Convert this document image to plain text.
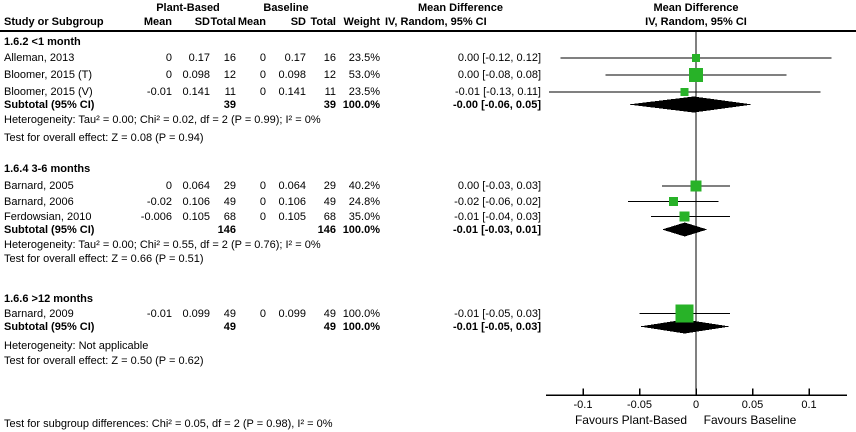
Plant-Based	Baseline	Mean Difference	Mean Difference
Study or Subgroup	Mean	SD Total Mean	SD Total Weight IV, Random, 95% CI	IV, Random, 95% CI
1.6.2 <1 month
Alleman, 2013	0	0.17	16	0	0.17	16	23.5%	0.00 [-0.12, 0.12]
Bloomer, 2015 (T)	0 0.098	12	0	0.098	12	53.0%	0.00 [-0.08, 0.08]
Bloomer, 2015 (V)	-0.01 0.141	11	0	0.141	11	23.5%	-0.01 [-0.13, 0.11]
Subtotal (95% CI)	39	39 100.0%	-0.00 [-0.06, 0.05]
Heterogeneity: Tau² = 0.00; Chi² = 0.02, df = 2 (P = 0.99); I² = 0%
Test for overall effect: Z = 0.08 (P = 0.94)
1.6.4 3-6 months
Barnard, 2005	0 0.064	29	0	0.064	29	40.2%	0.00 [-0.03, 0.03]
Barnard, 2006	-0.02 0.106	49	0	0.106	49	24.8%	-0.02 [-0.06, 0.02]
Ferdowsian, 2010	-0.006 0.105	68	0	0.105	68	35.0%	-0.01 [-0.04, 0.03]
Subtotal (95% CI)	146	146 100.0%	-0.01 [-0.03, 0.01]
Heterogeneity: Tau² = 0.00; Chi² = 0.55, df = 2 (P = 0.76); I² = 0%
Test for overall effect: Z = 0.66 (P = 0.51)
1.6.6 >12 months
Barnard, 2009	-0.01 0.099	49	0	0.099	49 100.0%	-0.01 [-0.05, 0.03]
Subtotal (95% CI)	49	49 100.0%	-0.01 [-0.05, 0.03]
Heterogeneity: Not applicable
Test for overall effect: Z = 0.50 (P = 0.62)
-0.1	-0.05	0	0.05	0.1
Favours Plant-Based	Favours Baseline
Test for subgroup differences: Chi² = 0.05, df = 2 (P = 0.98), I² = 0%
